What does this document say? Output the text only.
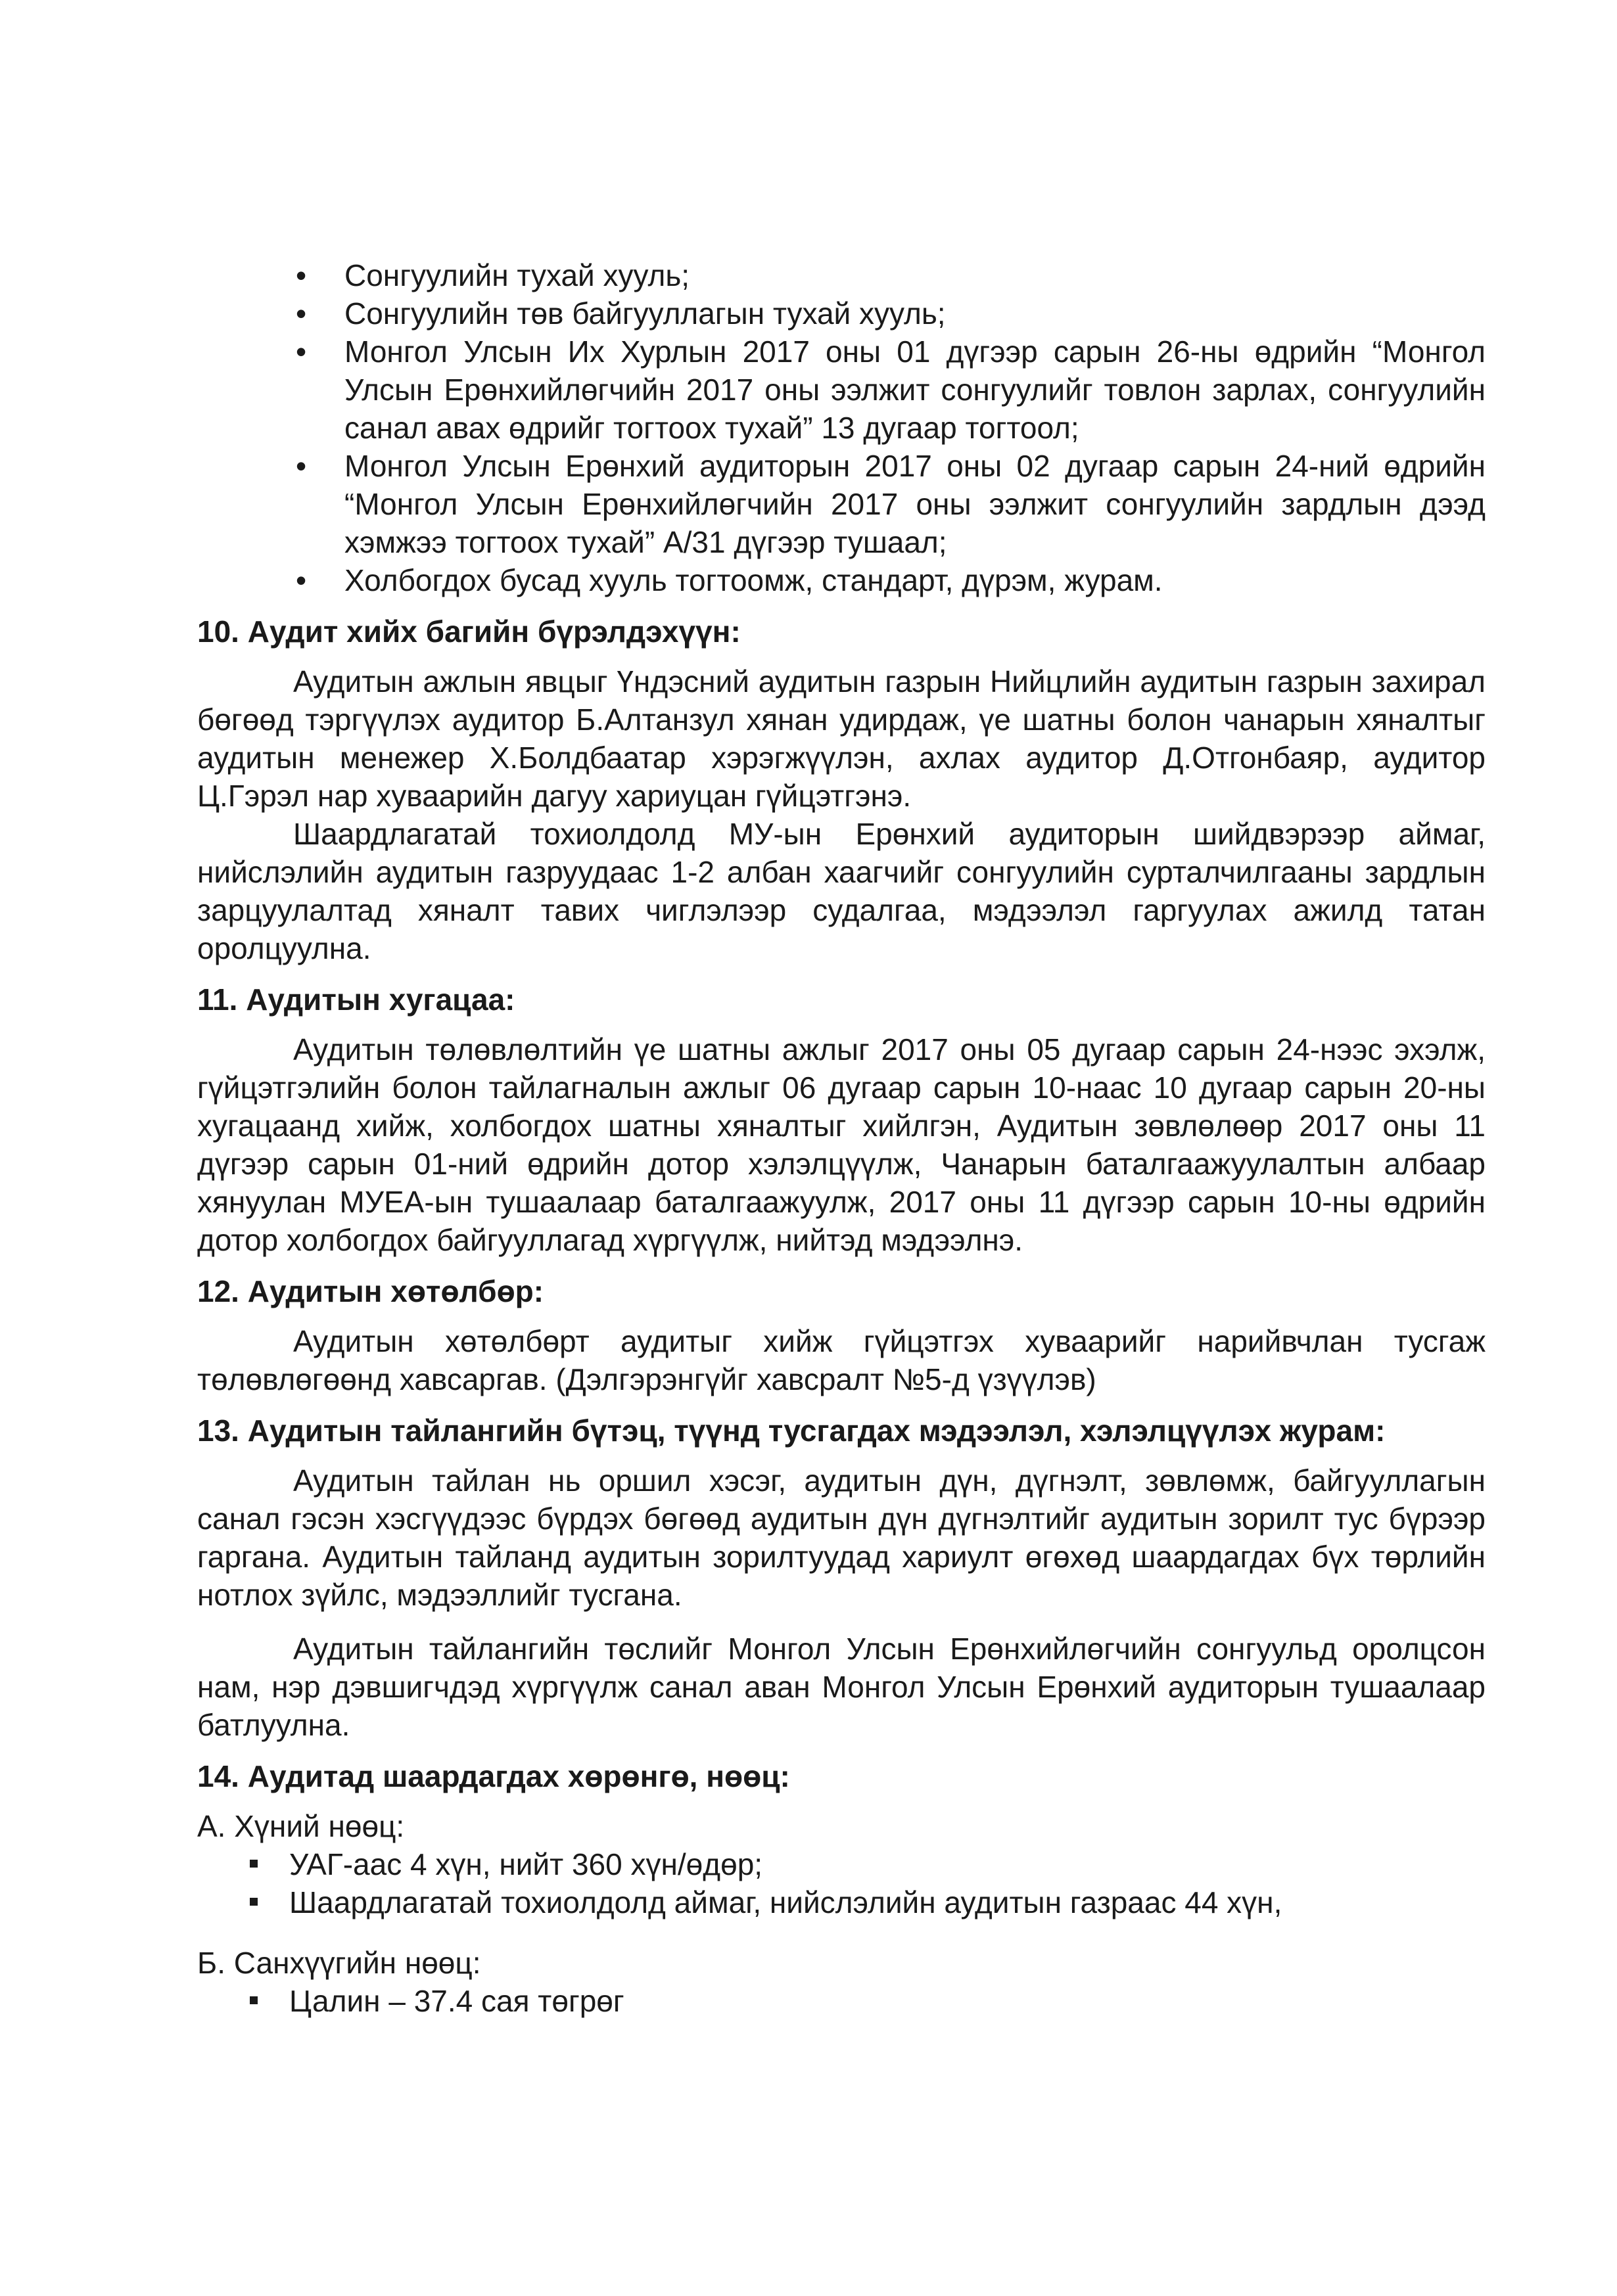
• Сонгуулийн тухай хууль;
• Сонгуулийн төв байгууллагын тухай хууль;
• Монгол Улсын Их Хурлын 2017 оны 01 дүгээр сарын 26-ны өдрийн “Монгол Улсын Ерөнхийлөгчийн 2017 оны ээлжит сонгуулийг товлон зарлах, сонгуулийн санал авах өдрийг тогтоох тухай” 13 дугаар тогтоол;
• Монгол Улсын Ерөнхий аудиторын 2017 оны 02 дугаар сарын 24-ний өдрийн “Монгол Улсын Ерөнхийлөгчийн 2017 оны ээлжит сонгуулийн зардлын дээд хэмжээ тогтоох тухай” А/31 дүгээр тушаал;
• Холбогдох бусад хууль тогтоомж, стандарт, дүрэм, журам.
10. Аудит хийх багийн бүрэлдэхүүн:

Аудитын ажлын явцыг Үндэсний аудитын газрын Нийцлийн аудитын газрын захирал бөгөөд тэргүүлэх аудитор Б.Алтанзул хянан удирдаж, үе шатны болон чанарын хяналтыг аудитын менежер Х.Болдбаатар хэрэгжүүлэн, ахлах аудитор Д.Отгонбаяр, аудитор Ц.Гэрэл нар хуваарийн дагуу хариуцан гүйцэтгэнэ.

Шаардлагатай тохиолдолд МУ-ын Ерөнхий аудиторын шийдвэрээр аймаг, нийслэлийн аудитын газруудаас 1-2 албан хаагчийг сонгуулийн сурталчилгааны зардлын зарцуулалтад хяналт тавих чиглэлээр судалгаа, мэдээлэл гаргуулах ажилд татан оролцуулна.

11. Аудитын хугацаа:

Аудитын төлөвлөлтийн үе шатны ажлыг 2017 оны 05 дугаар сарын 24-нээс эхэлж, гүйцэтгэлийн болон тайлагналын ажлыг 06 дугаар сарын 10-наас 10 дугаар сарын 20-ны хугацаанд хийж, холбогдох шатны хяналтыг хийлгэн, Аудитын зөвлөлөөр 2017 оны 11 дүгээр сарын 01-ний өдрийн дотор хэлэлцүүлж, Чанарын баталгаажуулалтын албаар хянуулан МУЕА-ын тушаалаар баталгаажуулж, 2017 оны 11 дүгээр сарын 10-ны өдрийн дотор холбогдох байгууллагад хүргүүлж, нийтэд мэдээлнэ.

12. Аудитын хөтөлбөр:

Аудитын хөтөлбөрт аудитыг хийж гүйцэтгэх хуваарийг нарийвчлан тусгаж төлөвлөгөөнд хавсаргав. (Дэлгэрэнгүйг хавсралт №5-д үзүүлэв)

13. Аудитын тайлангийн бүтэц, түүнд тусгагдах мэдээлэл, хэлэлцүүлэх журам:

Аудитын тайлан нь оршил хэсэг, аудитын дүн, дүгнэлт, зөвлөмж, байгууллагын санал гэсэн хэсгүүдээс бүрдэх бөгөөд аудитын дүн дүгнэлтийг аудитын зорилт тус бүрээр гаргана. Аудитын тайланд аудитын зорилтуудад хариулт өгөхөд шаардагдах бүх төрлийн нотлох зүйлс, мэдээллийг тусгана.

Аудитын тайлангийн төслийг Монгол Улсын Ерөнхийлөгчийн сонгуульд оролцсон нам, нэр дэвшигчдэд хүргүүлж санал аван Монгол Улсын Ерөнхий аудиторын тушаалаар батлуулна.

14. Аудитад шаардагдах хөрөнгө, нөөц:
А. Хүний нөөц:
УАГ-аас 4 хүн, нийт 360 хүн/өдөр;
Шаардлагатай тохиолдолд аймаг, нийслэлийн аудитын газраас 44 хүн,
Б. Санхүүгийн нөөц:
Цалин – 37.4 сая төгрөг
